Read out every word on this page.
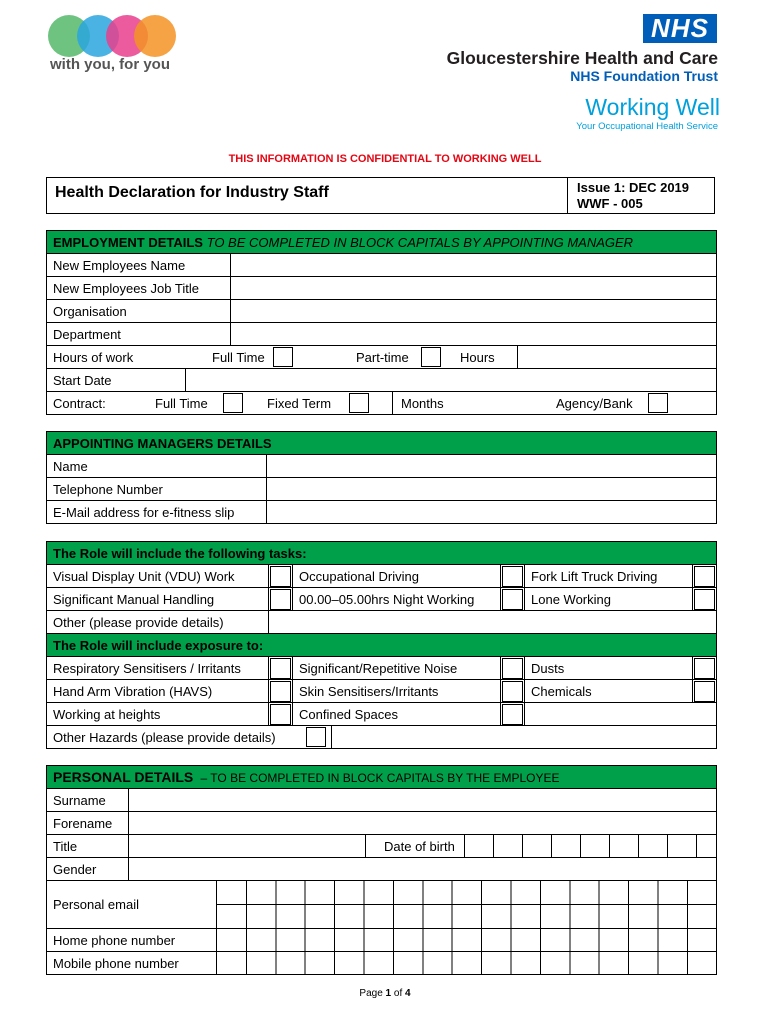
with you, for you
NHS
Gloucestershire Health and Care
NHS Foundation Trust
Working Well
Your Occupational Health Service
THIS INFORMATION IS CONFIDENTIAL TO WORKING WELL
Health Declaration for Industry Staff	Issue 1: DEC 2019
WWF - 005
EMPLOYMENT DETAILS TO BE COMPLETED IN BLOCK CAPITALS BY APPOINTING MANAGER

New Employees Name

New Employees Job Title

Organisation

Department

Hours of work	Full Time	Part-time	Hours

Start Date

Contract:	Full Time	Fixed Term	Months	Agency/Bank
APPOINTING MANAGERS DETAILS	
Name	
Telephone Number	
E-Mail address for e-fitness slip	
The Role will include the following tasks:					
Visual Display Unit (VDU) Work		Occupational Driving		Fork Lift Truck Driving	
Significant Manual Handling		00.00–05.00hrs Night Working		Lone Working	
Other (please provide details)					
The Role will include exposure to:					
Respiratory Sensitisers / Irritants		Significant/Repetitive Noise		Dusts	
Hand Arm Vibration (HAVS)		Skin Sensitisers/Irritants		Chemicals	
Working at heights		Confined Spaces			

Other Hazards (please provide details)					
PERSONAL DETAILS – TO BE COMPLETED IN BLOCK CAPITALS BY THE EMPLOYEE	
Surname	
Forename	
Title	Date of birth

Gender	
Personal email	

Home phone number	
Mobile phone number	
Page 1 of 4
